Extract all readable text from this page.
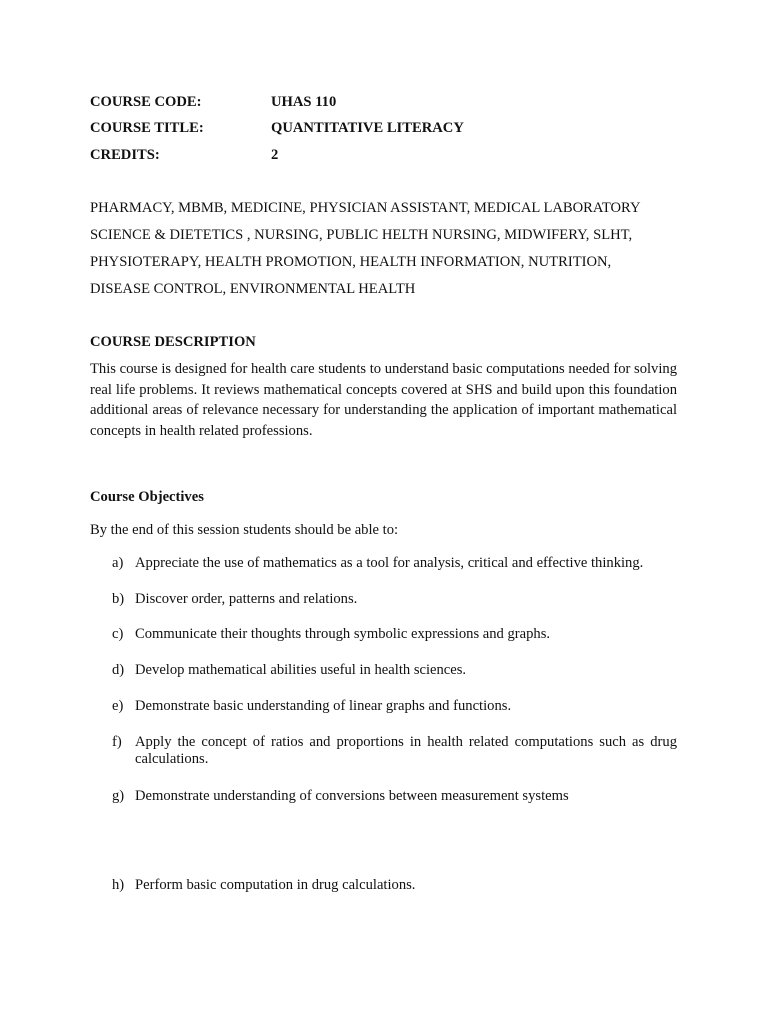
COURSE CODE:	UHAS 110
COURSE TITLE:	QUANTITATIVE LITERACY
CREDITS:	2
PHARMACY, MBMB, MEDICINE, PHYSICIAN ASSISTANT, MEDICAL LABORATORY
SCIENCE & DIETETICS , NURSING, PUBLIC HELTH NURSING, MIDWIFERY, SLHT,
PHYSIOTERAPY, HEALTH PROMOTION, HEALTH INFORMATION, NUTRITION,
DISEASE CONTROL, ENVIRONMENTAL HEALTH
COURSE DESCRIPTION
This course is designed for health care students to understand basic computations needed for solving real life problems. It reviews mathematical concepts covered at SHS and build upon this foundation additional areas of relevance necessary for understanding the application of important mathematical concepts in health related professions.
Course Objectives
By the end of this session students should be able to:
a) Appreciate the use of mathematics as a tool for analysis, critical and effective thinking.
b) Discover order, patterns and relations.
c) Communicate their thoughts through symbolic expressions and graphs.
d) Develop mathematical abilities useful in health sciences.
e) Demonstrate basic understanding of linear graphs and functions.
f) Apply the concept of ratios and proportions in health related computations such as drug calculations.
g) Demonstrate understanding of conversions between measurement systems
h) Perform basic computation in drug calculations.
